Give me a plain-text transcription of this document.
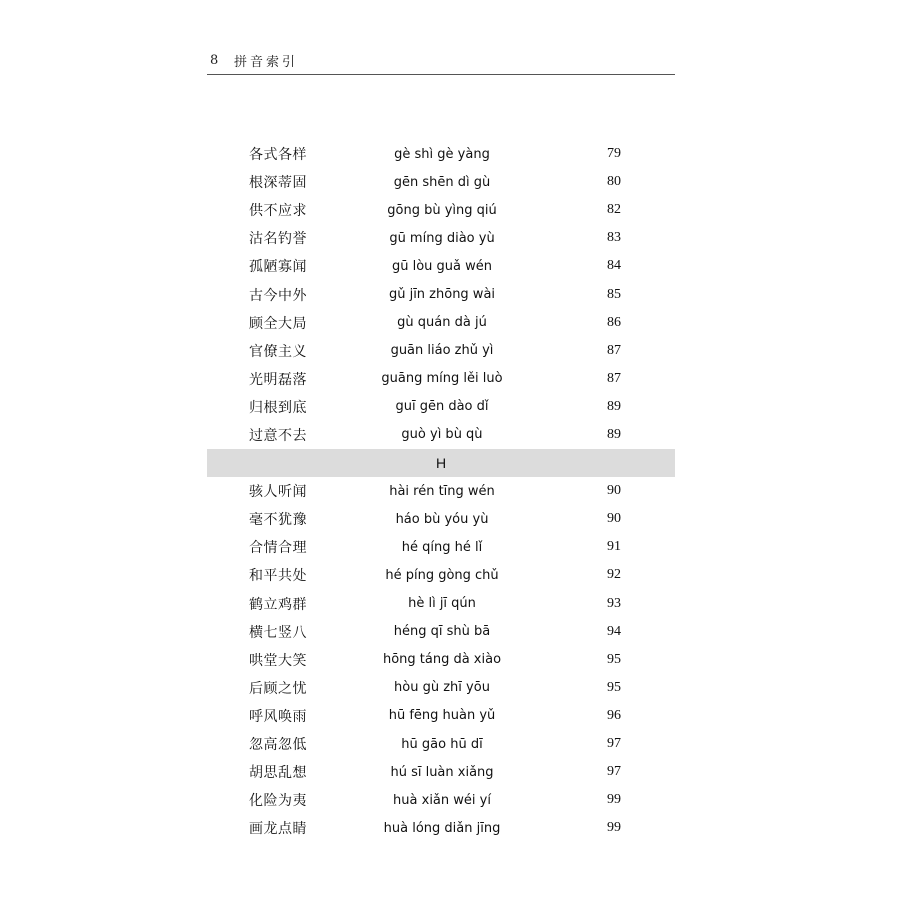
8	拼音索引
各式各样	gè shì gè yàng	79
根深蒂固	gēn shēn dì gù	80
供不应求	gōng bù yìng qiú	82
沽名钓誉	gū míng diào yù	83
孤陋寡闻	gū lòu guǎ wén	84
古今中外	gǔ jīn zhōng wài	85
顾全大局	gù quán dà jú	86
官僚主义	guān liáo zhǔ yì	87
光明磊落	guāng míng lěi luò	87
归根到底	guī gēn dào dǐ	89
过意不去	guò yì bù qù	89
H
骇人听闻	hài rén tīng wén	90
毫不犹豫	háo bù yóu yù	90
合情合理	hé qíng hé lǐ	91
和平共处	hé píng gòng chǔ	92
鹤立鸡群	hè lì jī qún	93
横七竖八	héng qī shù bā	94
哄堂大笑	hōng táng dà xiào	95
后顾之忧	hòu gù zhī yōu	95
呼风唤雨	hū fēng huàn yǔ	96
忽高忽低	hū gāo hū dī	97
胡思乱想	hú sī luàn xiǎng	97
化险为夷	huà xiǎn wéi yí	99
画龙点睛	huà lóng diǎn jīng	99
